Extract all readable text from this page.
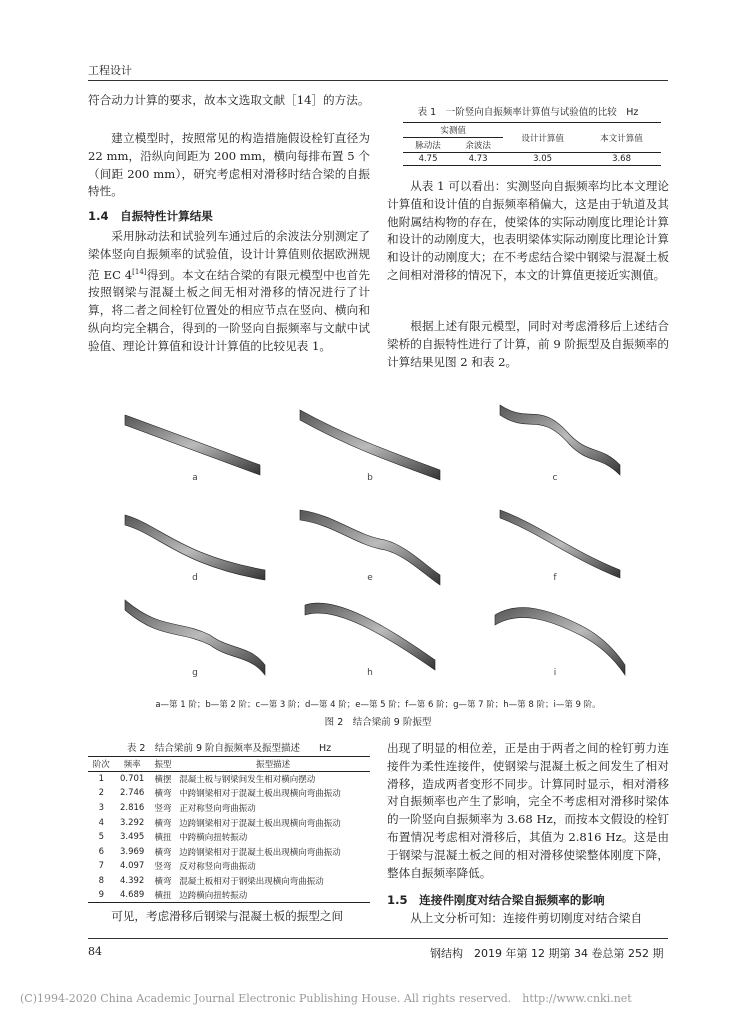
工程设计
符合动力计算的要求，故本文选取文献［14］的方法。
建立模型时，按照常见的构造措施假设栓钉直径为 22 mm，沿纵向间距为 200 mm，横向每排布置 5 个（间距 200 mm），研究考虑相对滑移时结合梁的自振特性。
1.4　自振特性计算结果
采用脉动法和试验列车通过后的余波法分别测定了梁体竖向自振频率的试验值，设计计算值则依据欧洲规范 EC 4[14]得到。本文在结合梁的有限元模型中也首先按照钢梁与混凝土板之间无相对滑移的情况进行了计算，将二者之间栓钉位置处的相应节点在竖向、横向和纵向均完全耦合，得到的一阶竖向自振频率与文献中试验值、理论计算值和设计计算值的比较见表 1。
表 1　一阶竖向自振频率计算值与试验值的比较　Hz
实测值		设计计算值	本文计算值
脉动法	余波法		
4.75	4.73	3.05	3.68
从表 1 可以看出：实测竖向自振频率均比本文理论计算值和设计值的自振频率稍偏大，这是由于轨道及其他附属结构物的存在，使梁体的实际动刚度比理论计算和设计的动刚度大，也表明梁体实际动刚度比理论计算和设计的动刚度大；在不考虑结合梁中钢梁与混凝土板之间相对滑移的情况下，本文的计算值更接近实测值。
根据上述有限元模型，同时对考虑滑移后上述结合梁桥的自振特性进行了计算，前 9 阶振型及自振频率的计算结果见图 2 和表 2。
a	b	c
d	e	f
g	h	i
a—第 1 阶；b—第 2 阶；c—第 3 阶；d—第 4 阶；e—第 5 阶；f—第 6 阶；g—第 7 阶；h—第 8 阶；i—第 9 阶。
图 2　结合梁前 9 阶振型
表 2　结合梁前 9 阶自振频率及振型描述　　Hz
阶次	频率	振型	振型描述
1	0.701	横摆	混凝土板与钢梁间发生相对横向摆动
2	2.746	横弯	中跨钢梁相对于混凝土板出现横向弯曲振动
3	2.816	竖弯	正对称竖向弯曲振动
4	3.292	横弯	边跨钢梁相对于混凝土板出现横向弯曲振动
5	3.495	横扭	中跨横向扭转振动
6	3.969	横弯	边跨钢梁相对于混凝土板出现横向弯曲振动
7	4.097	竖弯	反对称竖向弯曲振动
8	4.392	横弯	混凝土板相对于钢梁出现横向弯曲振动
9	4.689	横扭	边跨横向扭转振动
可见，考虑滑移后钢梁与混凝土板的振型之间
出现了明显的相位差，正是由于两者之间的栓钉剪力连接件为柔性连接件，使钢梁与混凝土板之间发生了相对滑移，造成两者变形不同步。计算同时显示，相对滑移对自振频率也产生了影响，完全不考虑相对滑移时梁体的一阶竖向自振频率为 3.68 Hz，而按本文假设的栓钉布置情况考虑相对滑移后，其值为 2.816 Hz。这是由于钢梁与混凝土板之间的相对滑移使梁整体刚度下降，整体自振频率降低。
1.5　连接件刚度对结合梁自振频率的影响
从上文分析可知：连接件剪切刚度对结合梁自
84	钢结构　2019 年第 12 期第 34 卷总第 252 期
(C)1994-2020 China Academic Journal Electronic Publishing House. All rights reserved.　http://www.cnki.net
